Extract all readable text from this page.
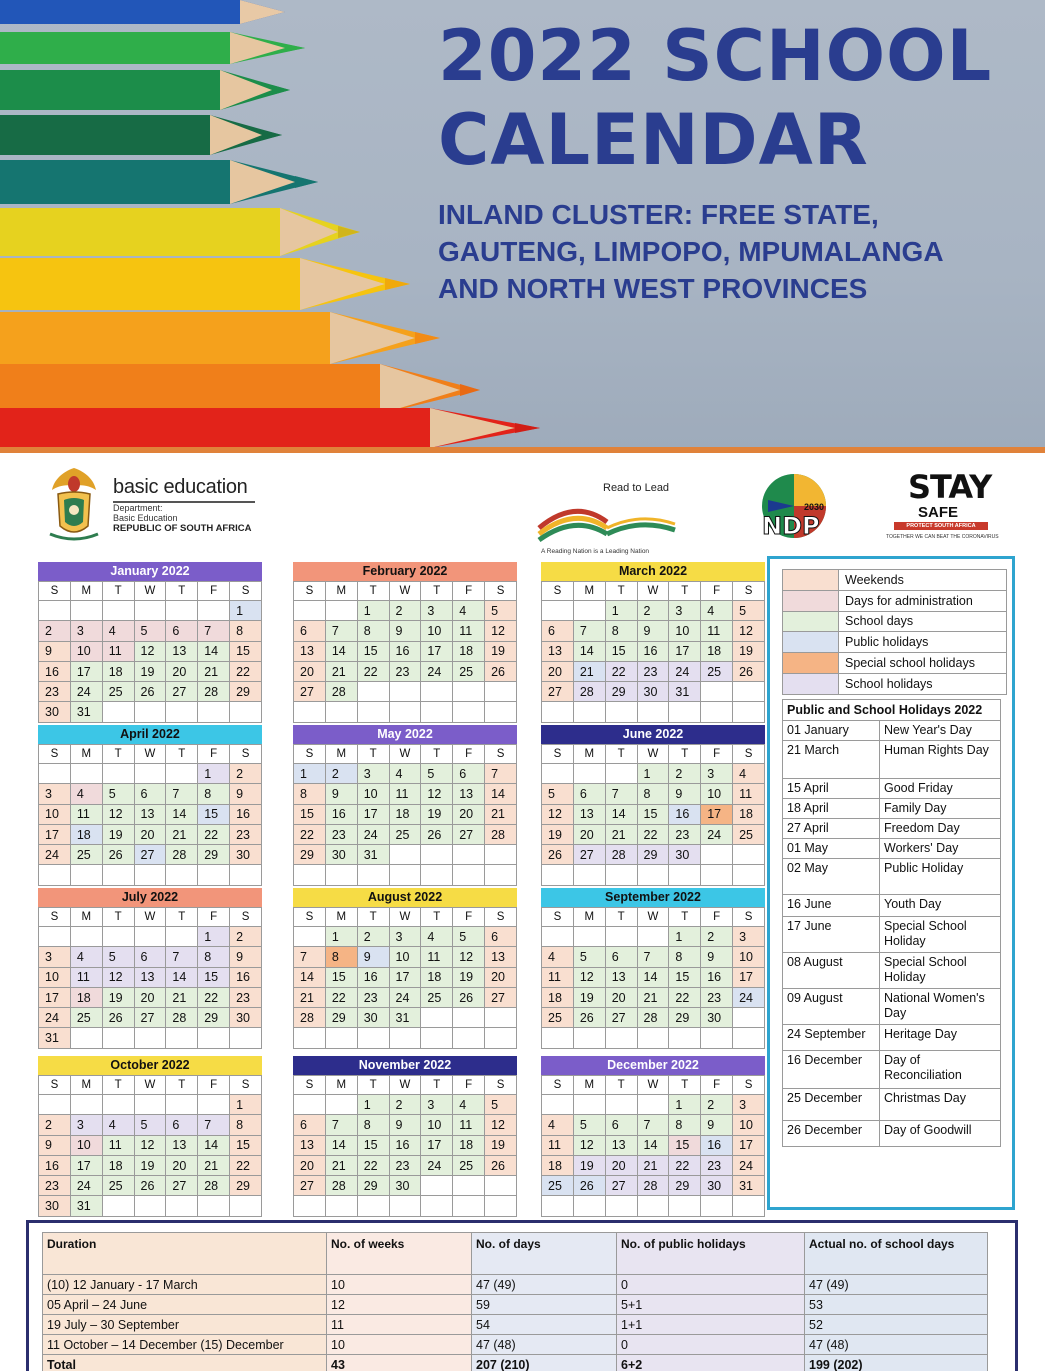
2022 SCHOOL
CALENDAR
INLAND CLUSTER: FREE STATE,
GAUTENG, LIMPOPO, MPUMALANGA
AND NORTH WEST PROVINCES
basic education
Department:
Basic Education
REPUBLIC OF SOUTH AFRICA
Read to Lead
A Reading Nation is a Leading Nation
2030
NDP
STAY
SAFE
PROTECT SOUTH AFRICA
TOGETHER WE CAN BEAT THE CORONAVIRUS
January 2022
S	M	T	W	T	F	S
						1
2	3	4	5	6	7	8
9	10	11	12	13	14	15
16	17	18	19	20	21	22
23	24	25	26	27	28	29
30	31					
February 2022
S	M	T	W	T	F	S
		1	2	3	4	5
6	7	8	9	10	11	12
13	14	15	16	17	18	19
20	21	22	23	24	25	26
27	28					

March 2022
S	M	T	W	T	F	S
		1	2	3	4	5
6	7	8	9	10	11	12
13	14	15	16	17	18	19
20	21	22	23	24	25	26
27	28	29	30	31		

April 2022
S	M	T	W	T	F	S
					1	2
3	4	5	6	7	8	9
10	11	12	13	14	15	16
17	18	19	20	21	22	23
24	25	26	27	28	29	30

May 2022
S	M	T	W	T	F	S
1	2	3	4	5	6	7
8	9	10	11	12	13	14
15	16	17	18	19	20	21
22	23	24	25	26	27	28
29	30	31				

June 2022
S	M	T	W	T	F	S
			1	2	3	4
5	6	7	8	9	10	11
12	13	14	15	16	17	18
19	20	21	22	23	24	25
26	27	28	29	30		

July 2022
S	M	T	W	T	F	S
					1	2
3	4	5	6	7	8	9
10	11	12	13	14	15	16
17	18	19	20	21	22	23
24	25	26	27	28	29	30
31						
August 2022
S	M	T	W	T	F	S
	1	2	3	4	5	6
7	8	9	10	11	12	13
14	15	16	17	18	19	20
21	22	23	24	25	26	27
28	29	30	31			

September 2022
S	M	T	W	T	F	S
				1	2	3
4	5	6	7	8	9	10
11	12	13	14	15	16	17
18	19	20	21	22	23	24
25	26	27	28	29	30	

October 2022
S	M	T	W	T	F	S
						1
2	3	4	5	6	7	8
9	10	11	12	13	14	15
16	17	18	19	20	21	22
23	24	25	26	27	28	29
30	31					
November 2022
S	M	T	W	T	F	S
		1	2	3	4	5
6	7	8	9	10	11	12
13	14	15	16	17	18	19
20	21	22	23	24	25	26
27	28	29	30			

December 2022
S	M	T	W	T	F	S
				1	2	3
4	5	6	7	8	9	10
11	12	13	14	15	16	17
18	19	20	21	22	23	24
25	26	27	28	29	30	31

	Weekends
	Days for administration
	School days
	Public holidays
	Special school holidays
	School holidays
Public and School Holidays 2022	
01 January	New Year's Day
21 March	Human Rights Day
15 April	Good Friday
18 April	Family Day
27 April	Freedom Day
01 May	Workers' Day
02 May	Public Holiday
16 June	Youth Day
17 June	Special School Holiday
08 August	Special School Holiday
09 August	National Women's Day
24 September	Heritage Day
16 December	Day of Reconciliation
25 December	Christmas Day
26 December	Day of Goodwill
Duration	No. of weeks	No. of days	No. of public holidays	Actual no. of school days
(10) 12 January - 17 March	10	47 (49)	0	47 (49)
05 April – 24 June	12	59	5+1	53
19 July – 30 September	11	54	1+1	52
11 October – 14 December (15) December	10	47 (48)	0	47 (48)
Total	43	207 (210)	6+2	199 (202)
